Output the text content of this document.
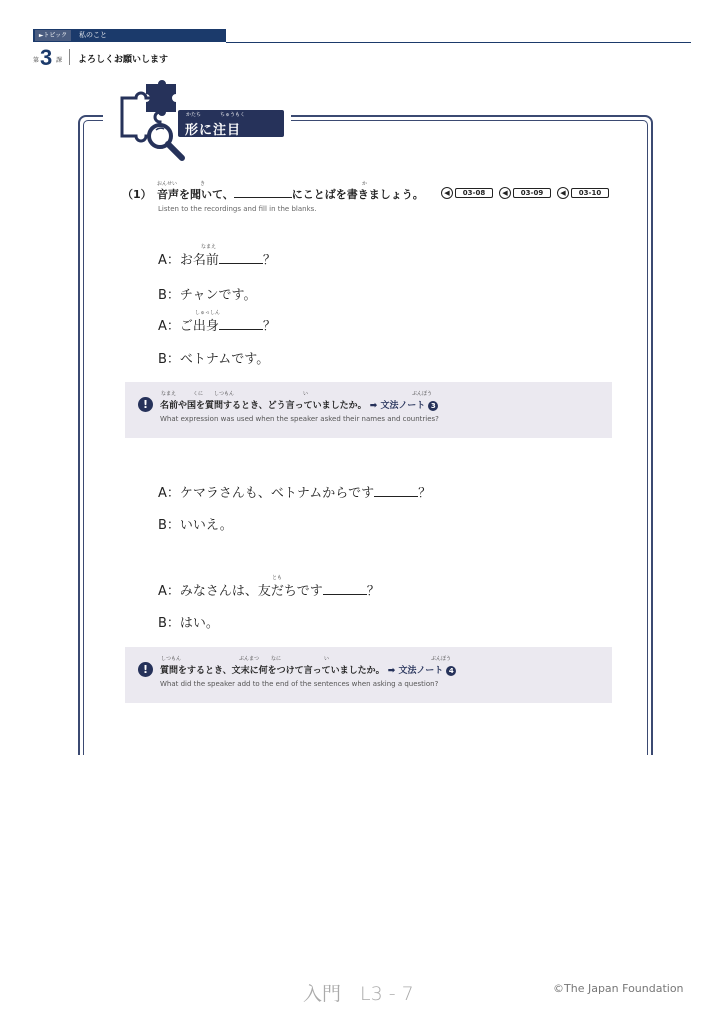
►トピック	私のこと
第 3 課 よろしくお願いします
かたち	ちゅうもく
形に注目
おんせい	き	か
（1） 音声を聞いて、	にことばを書きましょう。	◀	03-08	◀	03-09	◀	03-10
Listen to the recordings and fill in the blanks.
なまえ
A：お名前	？
B：チャンです。
しゅっしん
A：ご出身	？
B：ベトナムです。
なまえ	くに しつもん	い	ぶんぽう
!	名前や国を質問するとき、どう言っていましたか。 ➡ 文法ノート 3
What expression was used when the speaker asked their names and countries?
A：ケマラさんも、ベトナムからです	？
B：いいえ。
とも
A：みなさんは、友だちです	？
B：はい。
しつもん	ぶんまつ なに	い	ぶんぽう
!	質問をするとき、文末に何をつけて言っていましたか。 ➡ 文法ノート 4
What did the speaker add to the end of the sentences when asking a question?
入門　L3 - 7	©The Japan Foundation
